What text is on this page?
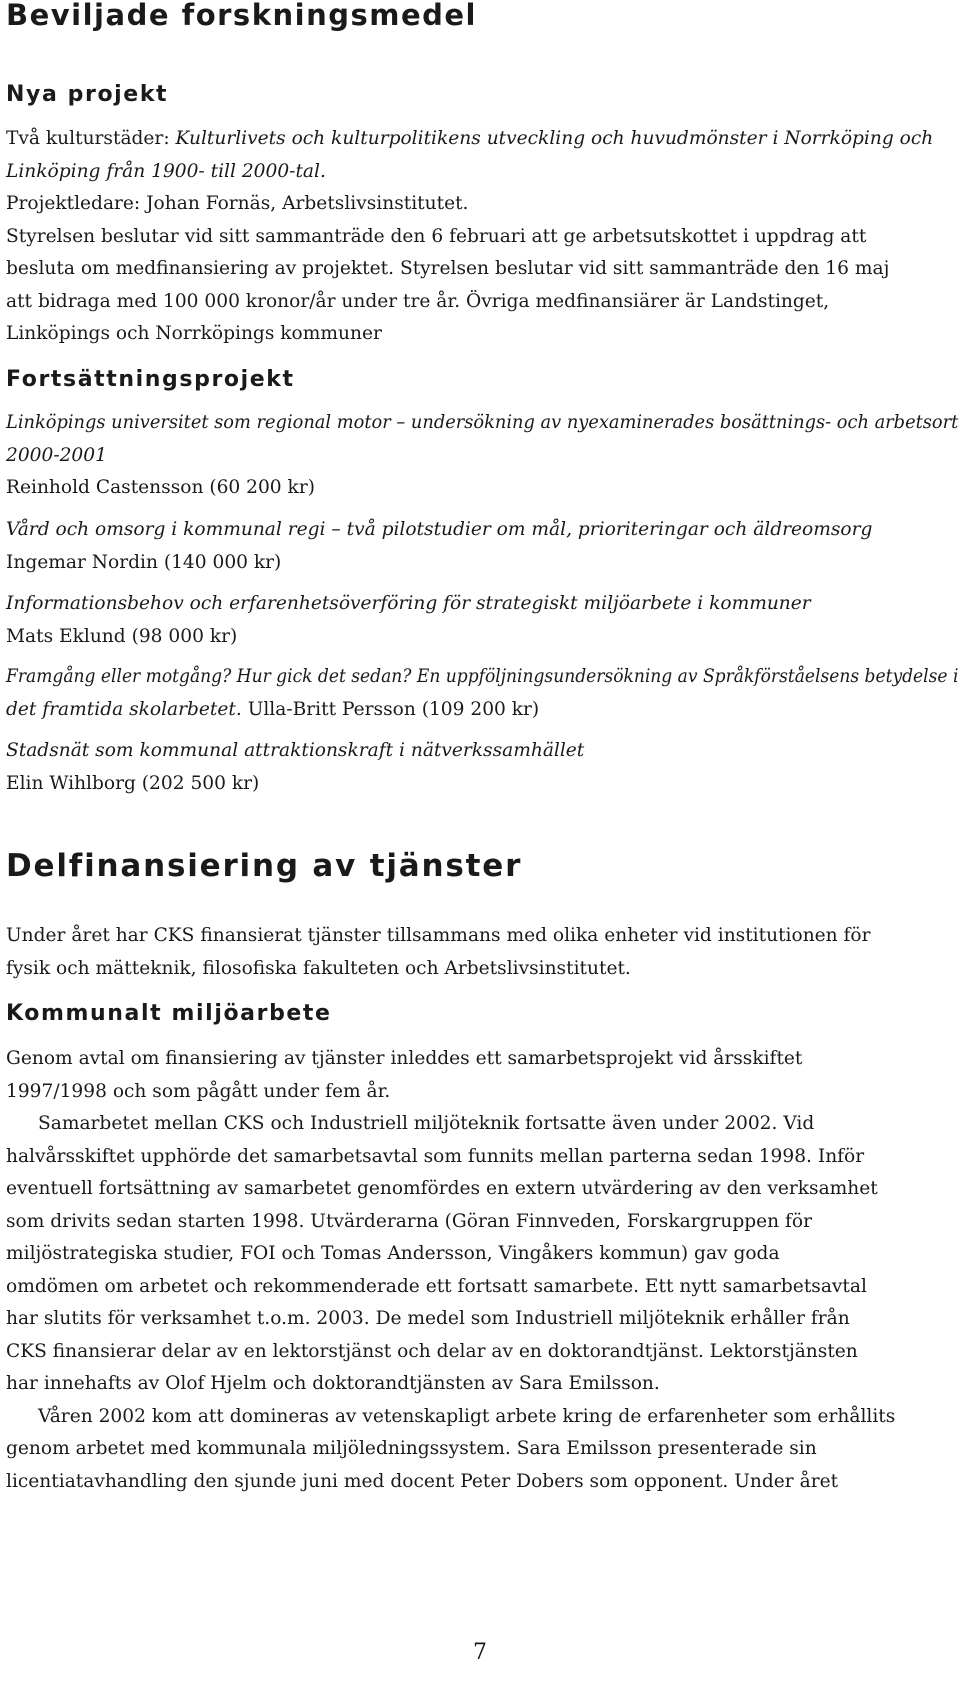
Beviljade forskningsmedel
Nya projekt
Två kulturstäder: Kulturlivets och kulturpolitikens utveckling och huvudmönster i Norrköping och
Linköping från 1900- till 2000-tal.
Projektledare: Johan Fornäs, Arbetslivsinstitutet.
Styrelsen beslutar vid sitt sammanträde den 6 februari att ge arbetsutskottet i uppdrag att
besluta om medfinansiering av projektet. Styrelsen beslutar vid sitt sammanträde den 16 maj
att bidraga med 100 000 kronor/år under tre år. Övriga medfinansiärer är Landstinget,
Linköpings och Norrköpings kommuner
Fortsättningsprojekt
Linköpings universitet som regional motor – undersökning av nyexaminerades bosättnings- och arbetsort
2000-2001
Reinhold Castensson (60 200 kr)
Vård och omsorg i kommunal regi – två pilotstudier om mål, prioriteringar och äldreomsorg
Ingemar Nordin (140 000 kr)
Informationsbehov och erfarenhetsöverföring för strategiskt miljöarbete i kommuner
Mats Eklund (98 000 kr)
Framgång eller motgång? Hur gick det sedan? En uppföljningsundersökning av Språkförståelsens betydelse i
det framtida skolarbetet. Ulla-Britt Persson (109 200 kr)
Stadsnät som kommunal attraktionskraft i nätverkssamhället
Elin Wihlborg (202 500 kr)
Delfinansiering av tjänster
Under året har CKS finansierat tjänster tillsammans med olika enheter vid institutionen för
fysik och mätteknik, filosofiska fakulteten och Arbetslivsinstitutet.
Kommunalt miljöarbete
Genom avtal om finansiering av tjänster inleddes ett samarbetsprojekt vid årsskiftet
1997/1998 och som pågått under fem år.
Samarbetet mellan CKS och Industriell miljöteknik fortsatte även under 2002. Vid
halvårsskiftet upphörde det samarbetsavtal som funnits mellan parterna sedan 1998. Inför
eventuell fortsättning av samarbetet genomfördes en extern utvärdering av den verksamhet
som drivits sedan starten 1998. Utvärderarna (Göran Finnveden, Forskargruppen för
miljöstrategiska studier, FOI och Tomas Andersson, Vingåkers kommun) gav goda
omdömen om arbetet och rekommenderade ett fortsatt samarbete. Ett nytt samarbetsavtal
har slutits för verksamhet t.o.m. 2003. De medel som Industriell miljöteknik erhåller från
CKS finansierar delar av en lektorstjänst och delar av en doktorandtjänst. Lektorstjänsten
har innehafts av Olof Hjelm och doktorandtjänsten av Sara Emilsson.
Våren 2002 kom att domineras av vetenskapligt arbete kring de erfarenheter som erhållits
genom arbetet med kommunala miljöledningssystem. Sara Emilsson presenterade sin
licentiatavhandling den sjunde juni med docent Peter Dobers som opponent. Under året
7
